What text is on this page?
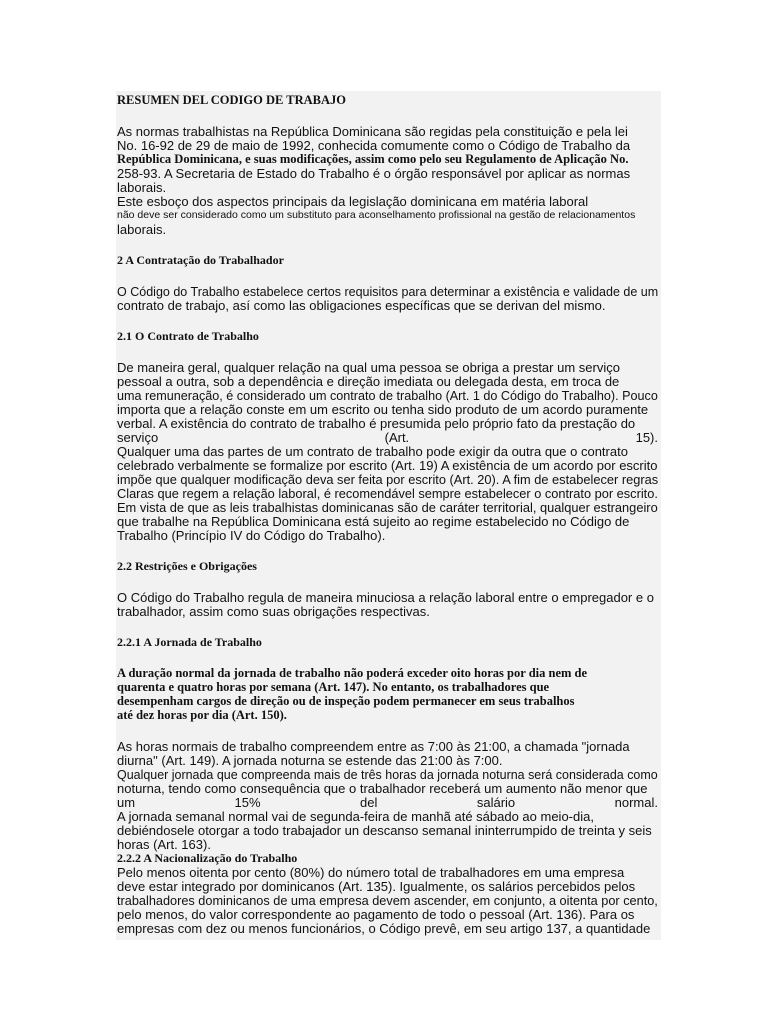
RESUMEN DEL CODIGO DE TRABAJO
As normas trabalhistas na República Dominicana são regidas pela constituição e pela lei
No. 16-92 de 29 de maio de 1992, conhecida comumente como o Código de Trabalho da
República Dominicana, e suas modificações, assim como pelo seu Regulamento de Aplicação No.
258-93. A Secretaria de Estado do Trabalho é o órgão responsável por aplicar as normas
laborais.
Este esboço dos aspectos principais da legislação dominicana em matéria laboral
não deve ser considerado como um substituto para aconselhamento profissional na gestão de relacionamentos
laborais.
2 A Contratação do Trabalhador
O Código do Trabalho estabelece certos requisitos para determinar a existência e validade de um
contrato de trabajo, así como las obligaciones específicas que se derivan del mismo.
2.1 O Contrato de Trabalho
De maneira geral, qualquer relação na qual uma pessoa se obriga a prestar um serviço
pessoal a outra, sob a dependência e direção imediata ou delegada desta, em troca de
uma remuneração, é considerado um contrato de trabalho (Art. 1 do Código do Trabalho). Pouco
importa que a relação conste em um escrito ou tenha sido produto de um acordo puramente
verbal. A existência do contrato de trabalho é presumida pelo próprio fato da prestação do
serviço	(Art.	15).
Qualquer uma das partes de um contrato de trabalho pode exigir da outra que o contrato
celebrado verbalmente se formalize por escrito (Art. 19) A existência de um acordo por escrito
impõe que qualquer modificação deva ser feita por escrito (Art. 20). A fim de estabelecer regras
Claras que regem a relação laboral, é recomendável sempre estabelecer o contrato por escrito.
Em vista de que as leis trabalhistas dominicanas são de caráter territorial, qualquer estrangeiro
que trabalhe na República Dominicana está sujeito ao regime estabelecido no Código de
Trabalho (Princípio IV do Código do Trabalho).
2.2 Restrições e Obrigações
O Código do Trabalho regula de maneira minuciosa a relação laboral entre o empregador e o
trabalhador, assim como suas obrigações respectivas.
2.2.1 A Jornada de Trabalho
A duração normal da jornada de trabalho não poderá exceder oito horas por dia nem de
quarenta e quatro horas por semana (Art. 147). No entanto, os trabalhadores que
desempenham cargos de direção ou de inspeção podem permanecer em seus trabalhos
até dez horas por dia (Art. 150).
As horas normais de trabalho compreendem entre as 7:00 às 21:00, a chamada "jornada
diurna" (Art. 149). A jornada noturna se estende das 21:00 às 7:00.
Qualquer jornada que compreenda mais de três horas da jornada noturna será considerada como
noturna, tendo como consequência que o trabalhador receberá um aumento não menor que
um	15%	del	salário	normal.
A jornada semanal normal vai de segunda-feira de manhã até sábado ao meio-dia,
debiéndosele otorgar a todo trabajador un descanso semanal ininterrumpido de treinta y seis
horas (Art. 163).
2.2.2 A Nacionalização do Trabalho
Pelo menos oitenta por cento (80%) do número total de trabalhadores em uma empresa
deve estar integrado por dominicanos (Art. 135). Igualmente, os salários percebidos pelos
trabalhadores dominicanos de uma empresa devem ascender, em conjunto, a oitenta por cento,
pelo menos, do valor correspondente ao pagamento de todo o pessoal (Art. 136). Para os
empresas com dez ou menos funcionários, o Código prevê, em seu artigo 137, a quantidade
